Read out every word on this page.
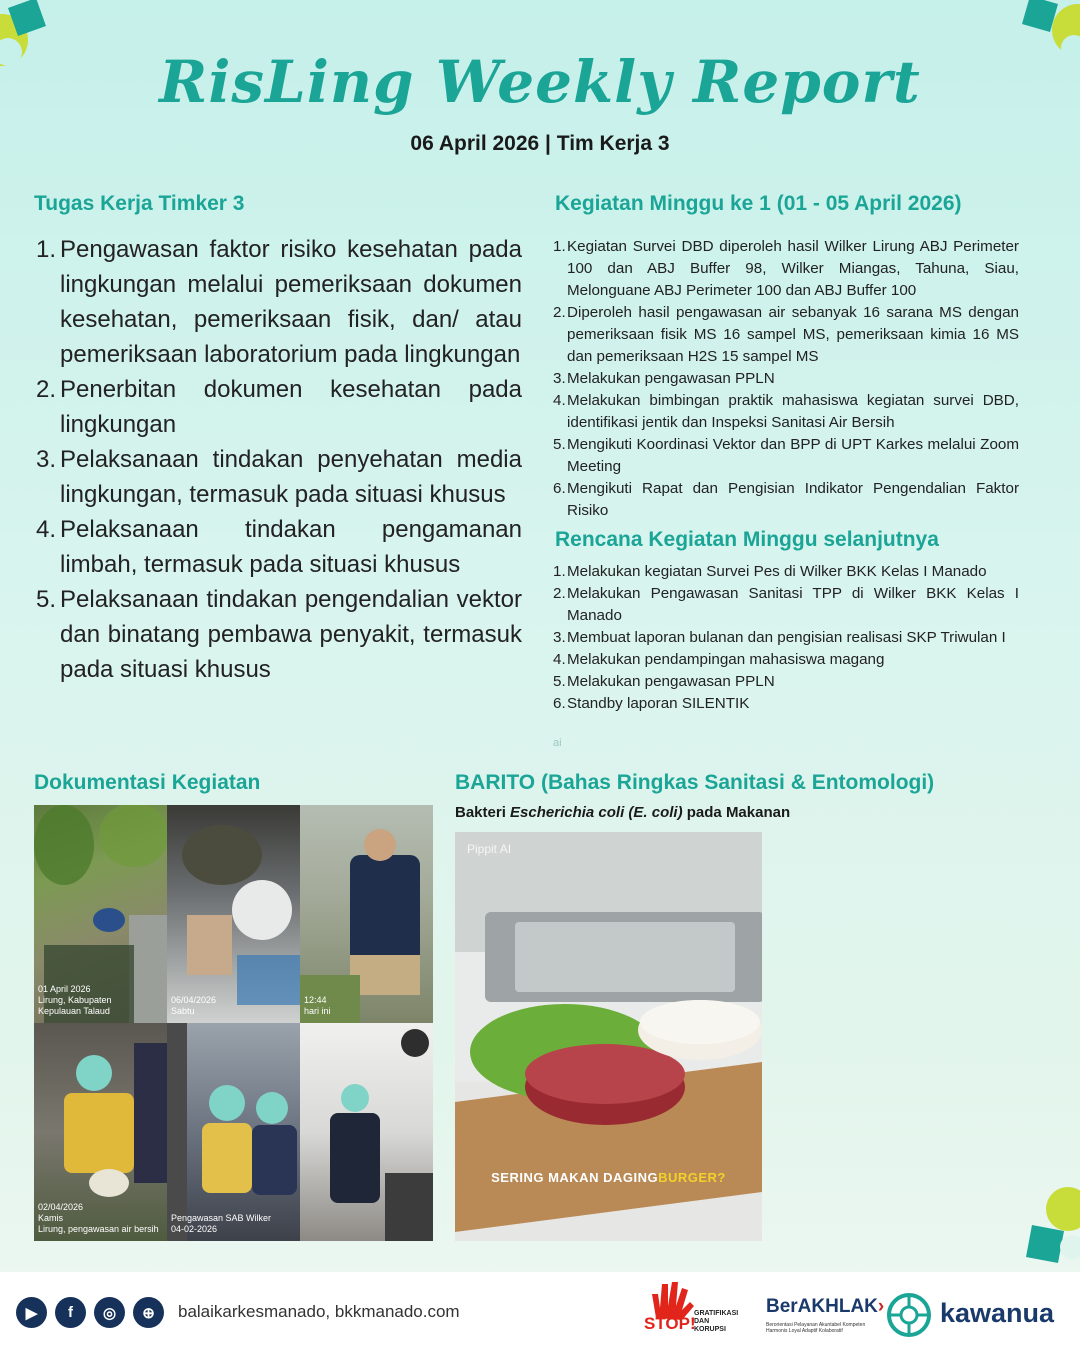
RisLing Weekly Report
06 April 2026 | Tim Kerja 3
Tugas Kerja Timker 3
1. Pengawasan faktor risiko kesehatan pada lingkungan melalui pemeriksaan dokumen kesehatan, pemeriksaan fisik, dan/ atau pemeriksaan laboratorium pada lingkungan
2. Penerbitan dokumen kesehatan pada lingkungan
3. Pelaksanaan tindakan penyehatan media lingkungan, termasuk pada situasi khusus
4. Pelaksanaan tindakan pengamanan limbah, termasuk pada situasi khusus
5. Pelaksanaan tindakan pengendalian vektor dan binatang pembawa penyakit, termasuk pada situasi khusus
Kegiatan Minggu ke 1 (01 - 05 April 2026)
1. Kegiatan Survei DBD diperoleh hasil Wilker Lirung ABJ Perimeter 100 dan ABJ Buffer 98, Wilker Miangas, Tahuna, Siau, Melonguane ABJ Perimeter 100 dan ABJ Buffer 100
2. Diperoleh hasil pengawasan air sebanyak 16 sarana MS dengan pemeriksaan fisik MS 16 sampel MS, pemeriksaan kimia 16 MS dan pemeriksaan H2S 15 sampel MS
3. Melakukan pengawasan PPLN
4. Melakukan bimbingan praktik mahasiswa kegiatan survei DBD, identifikasi jentik dan Inspeksi Sanitasi Air Bersih
5. Mengikuti Koordinasi Vektor dan BPP di UPT Karkes melalui Zoom Meeting
6. Mengikuti Rapat dan Pengisian Indikator Pengendalian Faktor Risiko
Rencana Kegiatan Minggu selanjutnya
1. Melakukan kegiatan Survei Pes di Wilker BKK Kelas I Manado
2. Melakukan Pengawasan Sanitasi TPP di Wilker BKK Kelas I Manado
3. Membuat laporan bulanan dan pengisian realisasi SKP Triwulan I
4. Melakukan pendampingan mahasiswa magang
5. Melakukan pengawasan PPLN
6. Standby laporan SILENTIK
ai
Dokumentasi Kegiatan
01 April 2026
Lirung, Kabupaten
Kepulauan Talaud
06/04/2026
Sabtu
12:44
hari ini
02/04/2026
Kamis
Lirung, pengawasan air bersih
Pengawasan SAB Wilker
04-02-2026
BARITO (Bahas Ringkas Sanitasi & Entomologi)
Bakteri Escherichia coli (E. coli) pada Makanan
Pippit AI
SERING MAKAN DAGINGBURGER?
▶	f	◎	⊕	balaikarkesmanado, bkkmanado.com
STOP!
GRATIFIKASI
DAN
KORUPSI
BerAKHLAK›
Berorientasi Pelayanan Akuntabel Kompeten Harmonis Loyal Adaptif Kolaboratif
kawanua
